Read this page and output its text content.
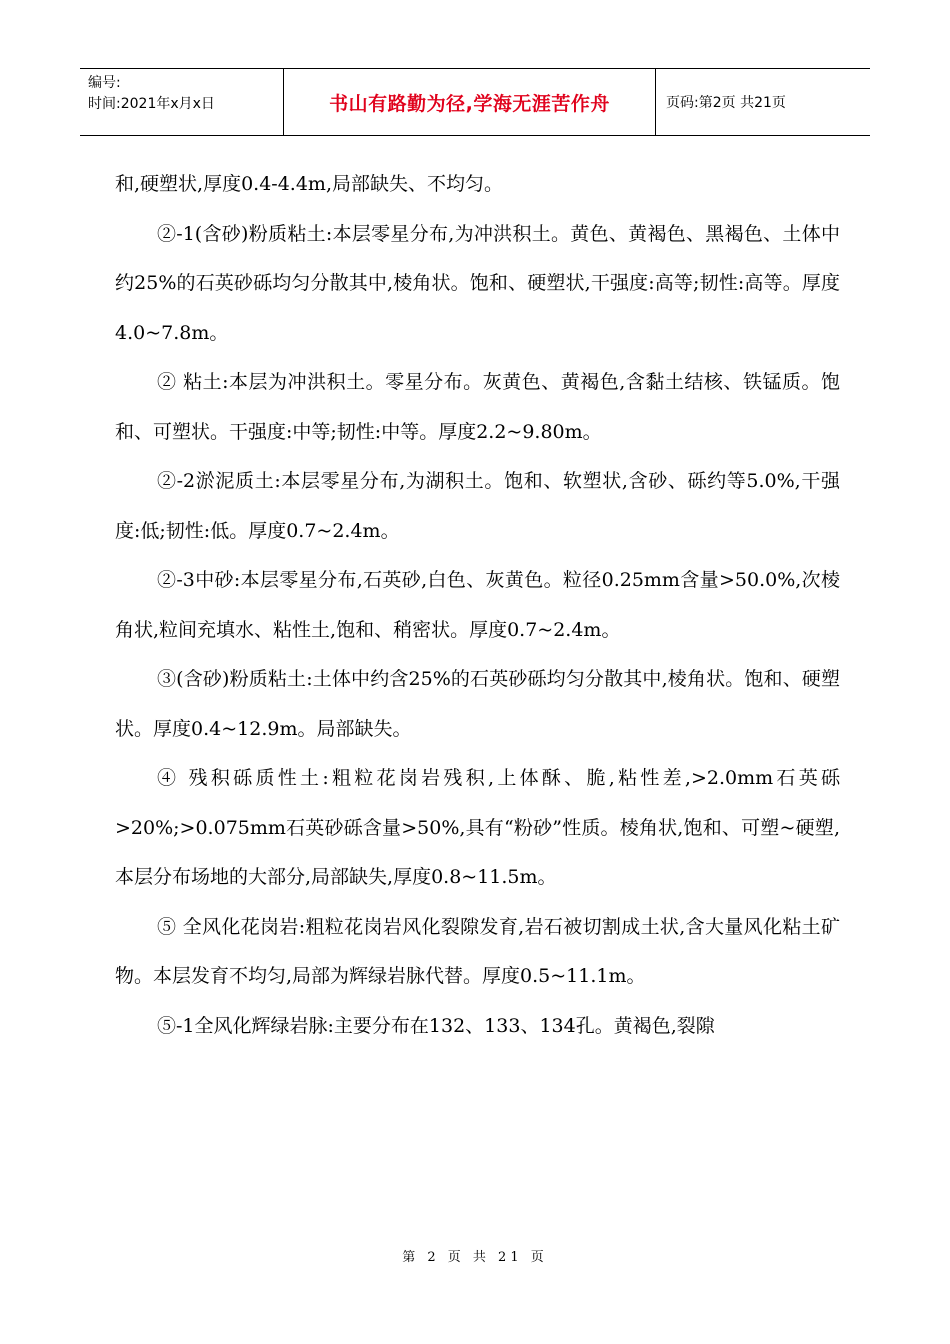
编号:
时间:2021年x月x日	书山有路勤为径,学海无涯苦作舟	页码:第2页 共21页

和,硬塑状,厚度0.4-4.4m,局部缺失、不均匀。

②-1(含砂)粉质粘土:本层零星分布,为冲洪积土。黄色、黄褐色、黑褐色、土体中约25%的石英砂砾均匀分散其中,棱角状。饱和、硬塑状,干强度:高等;韧性:高等。厚度4.0~7.8m。

② 粘土:本层为冲洪积土。零星分布。灰黄色、黄褐色,含黏土结核、铁锰质。饱和、可塑状。干强度:中等;韧性:中等。厚度2.2~9.80m。

②-2淤泥质土:本层零星分布,为湖积土。饱和、软塑状,含砂、砾约等5.0%,干强度:低;韧性:低。厚度0.7~2.4m。

②-3中砂:本层零星分布,石英砂,白色、灰黄色。粒径0.25mm含量>50.0%,次棱角状,粒间充填水、粘性土,饱和、稍密状。厚度0.7~2.4m。

③(含砂)粉质粘土:土体中约含25%的石英砂砾均匀分散其中,棱角状。饱和、硬塑状。厚度0.4~12.9m。局部缺失。

④ 残积砾质性土:粗粒花岗岩残积,上体酥、脆,粘性差,>2.0mm石英砾>20%;>0.075mm石英砂砾含量>50%,具有“粉砂”性质。棱角状,饱和、可塑~硬塑,本层分布场地的大部分,局部缺失,厚度0.8~11.5m。

⑤ 全风化花岗岩:粗粒花岗岩风化裂隙发育,岩石被切割成土状,含大量风化粘土矿物。本层发育不均匀,局部为辉绿岩脉代替。厚度0.5~11.1m。

⑤-1全风化辉绿岩脉:主要分布在132、133、134孔。黄褐色,裂隙

第 2 页 共 21 页
